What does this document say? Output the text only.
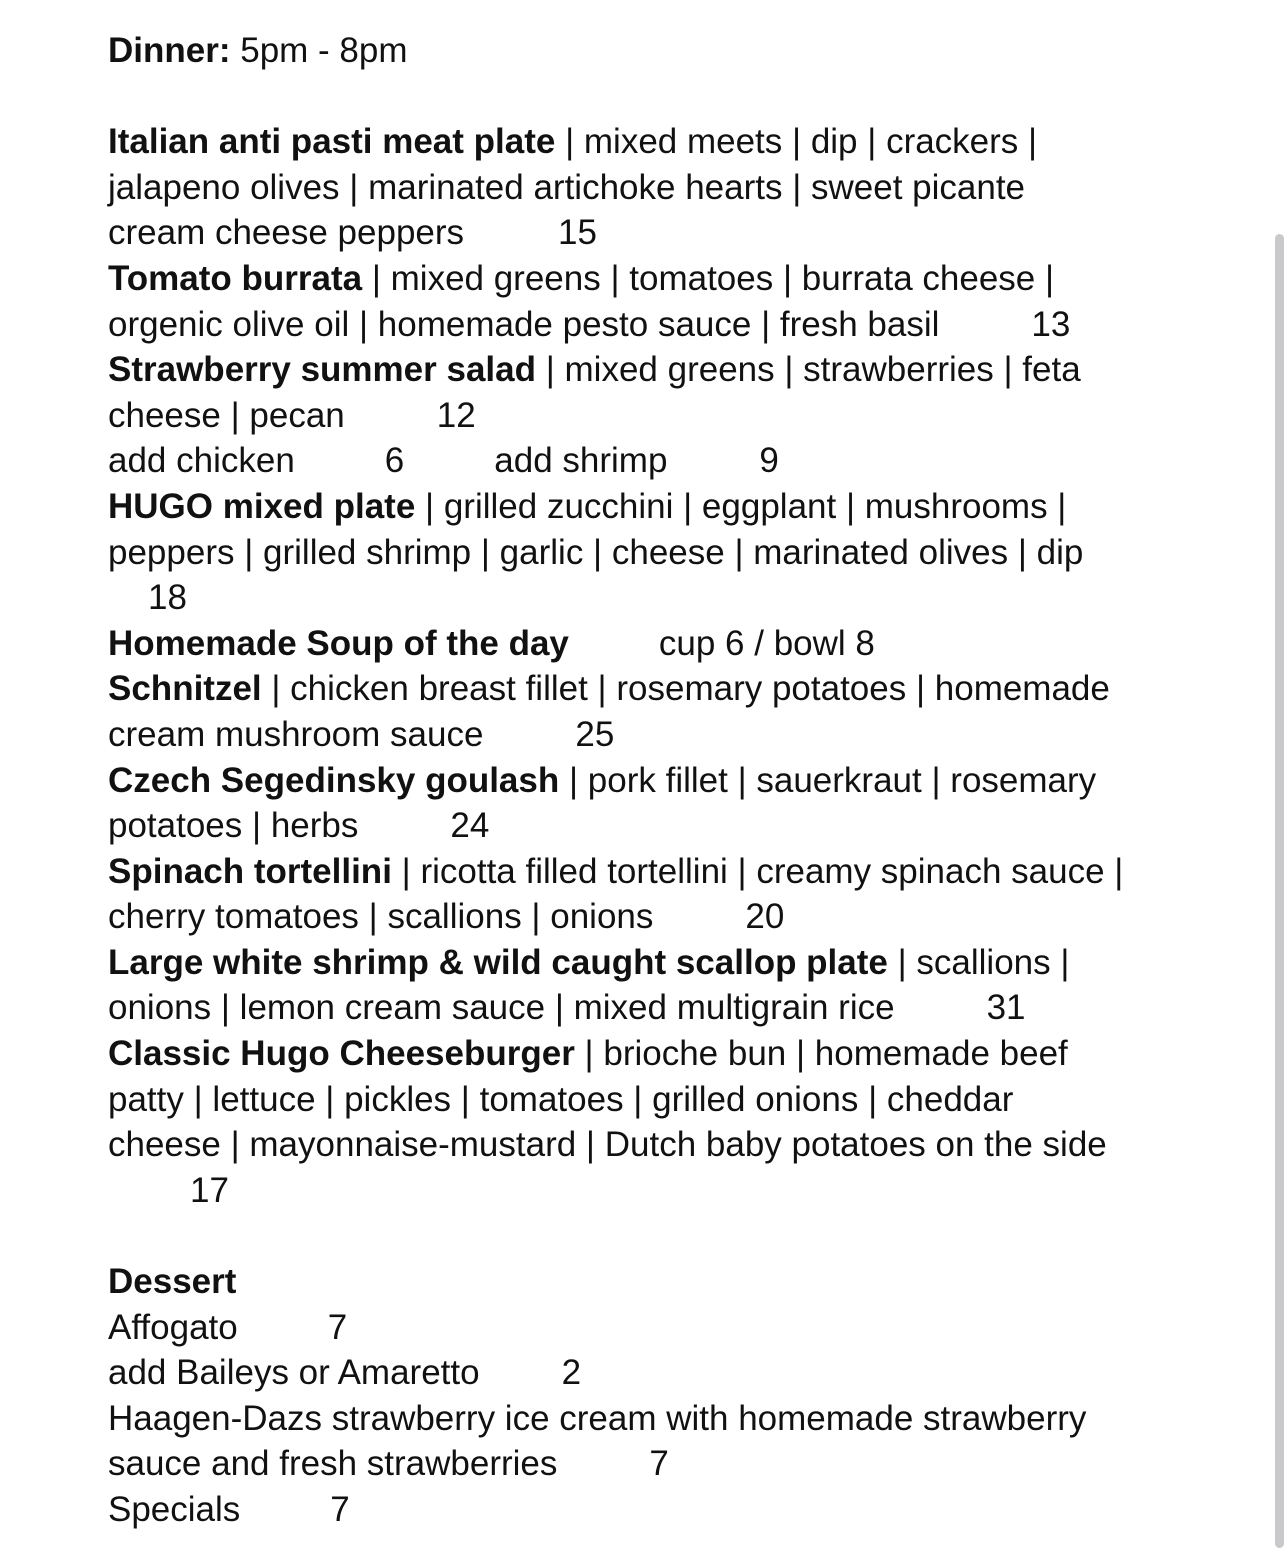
Dinner: 5pm - 8pm
Italian anti pasti meat plate | mixed meets | dip | crackers |
jalapeno olives | marinated artichoke hearts | sweet picante
cream cheese peppers	15
Tomato burrata | mixed greens | tomatoes | burrata cheese |
orgenic olive oil | homemade pesto sauce | fresh basil	13
Strawberry summer salad | mixed greens | strawberries | feta
cheese | pecan	12
add chicken	6	add shrimp	9
HUGO mixed plate | grilled zucchini | eggplant | mushrooms |
peppers | grilled shrimp | garlic | cheese | marinated olives | dip
18
Homemade Soup of the day	cup 6 / bowl 8
Schnitzel | chicken breast fillet | rosemary potatoes | homemade
cream mushroom sauce	25
Czech Segedinsky goulash | pork fillet | sauerkraut | rosemary
potatoes | herbs	24
Spinach tortellini | ricotta filled tortellini | creamy spinach sauce |
cherry tomatoes | scallions | onions	20
Large white shrimp & wild caught scallop plate | scallions |
onions | lemon cream sauce | mixed multigrain rice	31
Classic Hugo Cheeseburger | brioche bun | homemade beef
patty | lettuce | pickles | tomatoes | grilled onions | cheddar
cheese | mayonnaise-mustard | Dutch baby potatoes on the side
17
Dessert
Affogato	7
add Baileys or Amaretto 2
Haagen-Dazs strawberry ice cream with homemade strawberry
sauce and fresh strawberries	7
Specials	7
